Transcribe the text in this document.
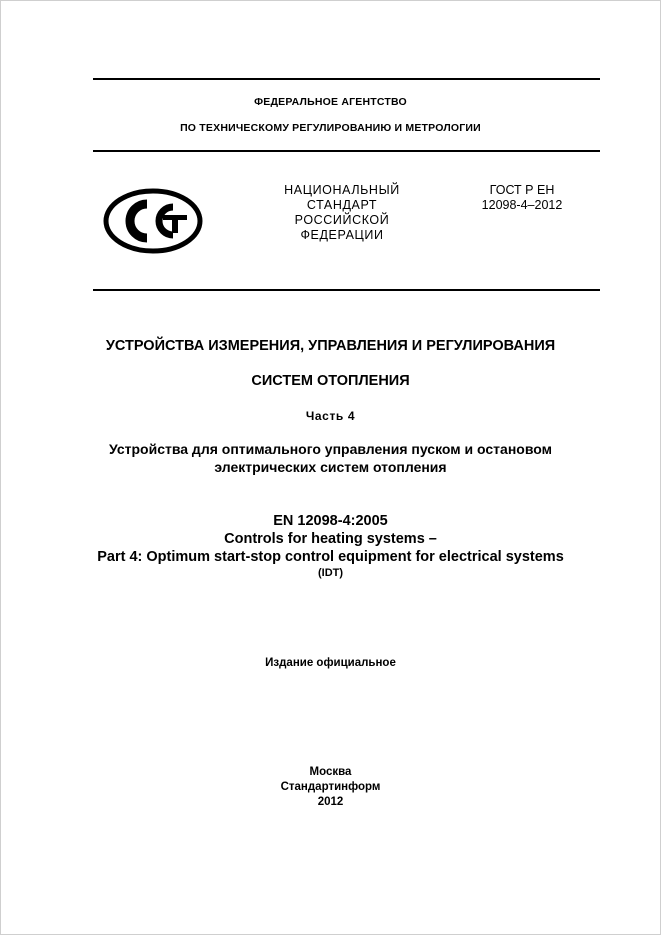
ФЕДЕРАЛЬНОЕ АГЕНТСТВО
ПО ТЕХНИЧЕСКОМУ РЕГУЛИРОВАНИЮ И МЕТРОЛОГИИ
НАЦИОНАЛЬНЫЙ
СТАНДАРТ
РОССИЙСКОЙ
ФЕДЕРАЦИИ
ГОСТ Р ЕН
12098-4–2012
УСТРОЙСТВА ИЗМЕРЕНИЯ, УПРАВЛЕНИЯ И РЕГУЛИРОВАНИЯ
СИСТЕМ ОТОПЛЕНИЯ
Часть 4
Устройства для оптимального управления пуском и остановом
электрических систем отопления
EN 12098-4:2005
Controls for heating systems –
Part 4: Optimum start-stop control equipment for electrical systems
(IDT)
Издание официальное
Москва
Стандартинформ
2012
